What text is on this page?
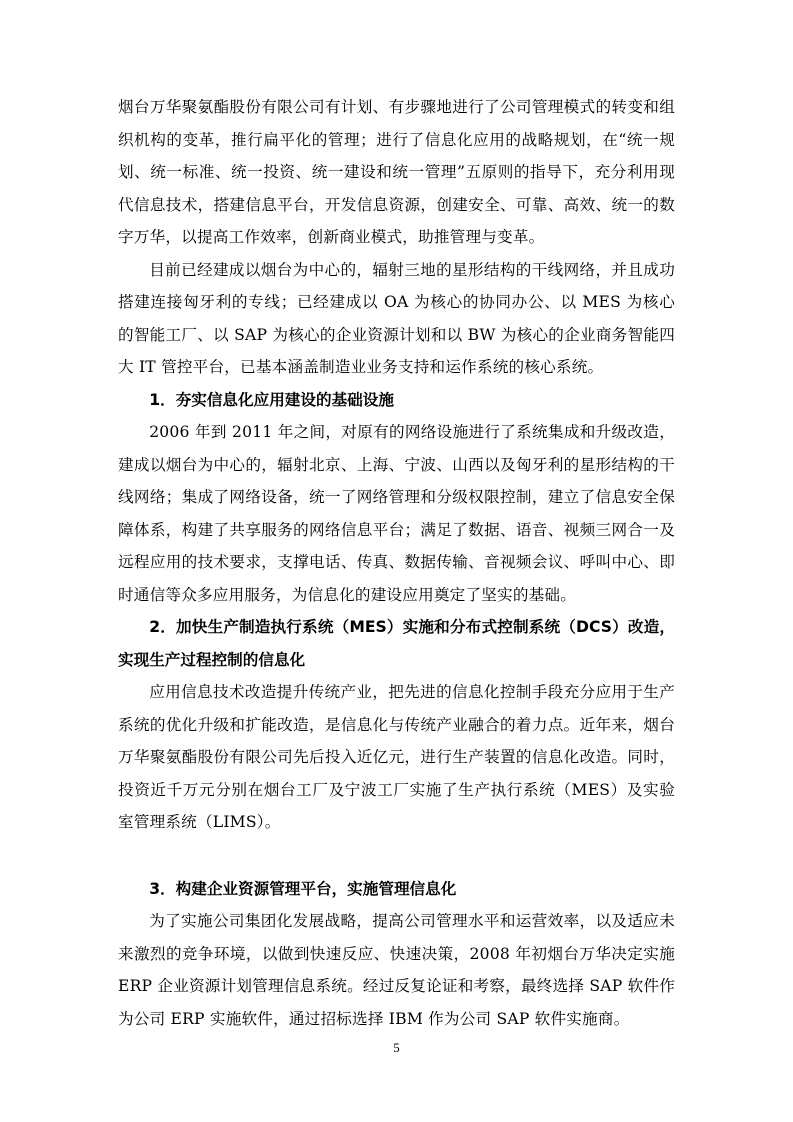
烟台万华聚氨酯股份有限公司有计划、有步骤地进行了公司管理模式的转变和组织机构的变革，推行扁平化的管理；进行了信息化应用的战略规划，在“统一规划、统一标准、统一投资、统一建设和统一管理”五原则的指导下，充分利用现代信息技术，搭建信息平台，开发信息资源，创建安全、可靠、高效、统一的数字万华，以提高工作效率，创新商业模式，助推管理与变革。

目前已经建成以烟台为中心的，辐射三地的星形结构的干线网络，并且成功搭建连接匈牙利的专线；已经建成以 OA 为核心的协同办公、以 MES 为核心的智能工厂、以 SAP 为核心的企业资源计划和以 BW 为核心的企业商务智能四大 IT 管控平台，已基本涵盖制造业业务支持和运作系统的核心系统。

1．夯实信息化应用建设的基础设施

2006 年到 2011 年之间，对原有的网络设施进行了系统集成和升级改造，建成以烟台为中心的，辐射北京、上海、宁波、山西以及匈牙利的星形结构的干线网络；集成了网络设备，统一了网络管理和分级权限控制，建立了信息安全保障体系，构建了共享服务的网络信息平台；满足了数据、语音、视频三网合一及远程应用的技术要求，支撑电话、传真、数据传输、音视频会议、呼叫中心、即时通信等众多应用服务，为信息化的建设应用奠定了坚实的基础。

2．加快生产制造执行系统（MES）实施和分布式控制系统（DCS）改造，实现生产过程控制的信息化

应用信息技术改造提升传统产业，把先进的信息化控制手段充分应用于生产系统的优化升级和扩能改造，是信息化与传统产业融合的着力点。近年来，烟台万华聚氨酯股份有限公司先后投入近亿元，进行生产装置的信息化改造。同时，投资近千万元分别在烟台工厂及宁波工厂实施了生产执行系统（MES）及实验室管理系统（LIMS）。

3．构建企业资源管理平台，实施管理信息化

为了实施公司集团化发展战略，提高公司管理水平和运营效率，以及适应未来激烈的竞争环境，以做到快速反应、快速决策，2008 年初烟台万华决定实施 ERP 企业资源计划管理信息系统。经过反复论证和考察，最终选择 SAP 软件作为公司 ERP 实施软件，通过招标选择 IBM 作为公司 SAP 软件实施商。

5
